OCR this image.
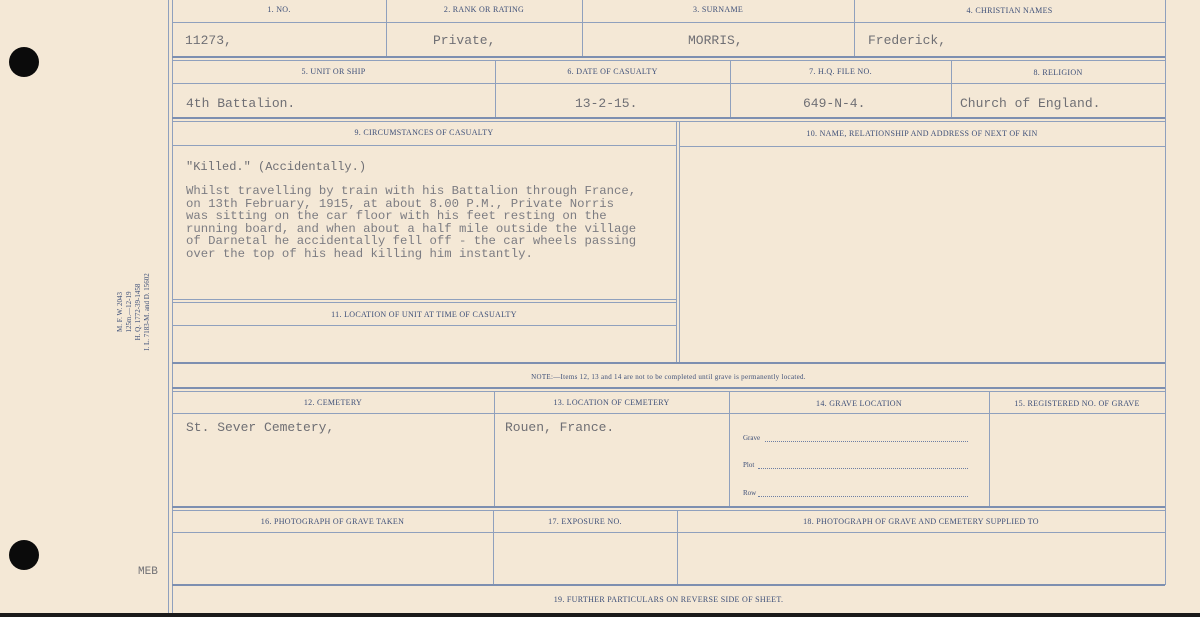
M. F. W. 2043 125m.—12-19 H. Q. 1772-39-1458 I. L. 7183-M. and D. 15602
MEB
1. NO.	2. RANK OR RATING	3. SURNAME	4. CHRISTIAN NAMES
11273,	Private,	MORRIS,	Frederick,
5. UNIT OR SHIP	6. DATE OF CASUALTY	7. H.Q. FILE NO.	8. RELIGION
4th Battalion.	13-2-15.	649-N-4.	Church of England.
9. CIRCUMSTANCES OF CASUALTY	10. NAME, RELATIONSHIP AND ADDRESS OF NEXT OF KIN
"Killed." (Accidentally.)
Whilst travelling by train with his Battalion through France,
on 13th February, 1915, at about 8.00 P.M., Private Norris
was sitting on the car floor with his feet resting on the
running board, and when about a half mile outside the village
of Darnetal he accidentally fell off - the car wheels passing
over the top of his head killing him instantly.
11. LOCATION OF UNIT AT TIME OF CASUALTY
NOTE:—Items 12, 13 and 14 are not to be completed until grave is permanently located.
12. CEMETERY	13. LOCATION OF CEMETERY	14. GRAVE LOCATION	15. REGISTERED NO. OF GRAVE
St. Sever Cemetery,	Rouen, France.
Grave
Plot
Row
16. PHOTOGRAPH OF GRAVE TAKEN	17. EXPOSURE NO.	18. PHOTOGRAPH OF GRAVE AND CEMETERY SUPPLIED TO
19. FURTHER PARTICULARS ON REVERSE SIDE OF SHEET.
